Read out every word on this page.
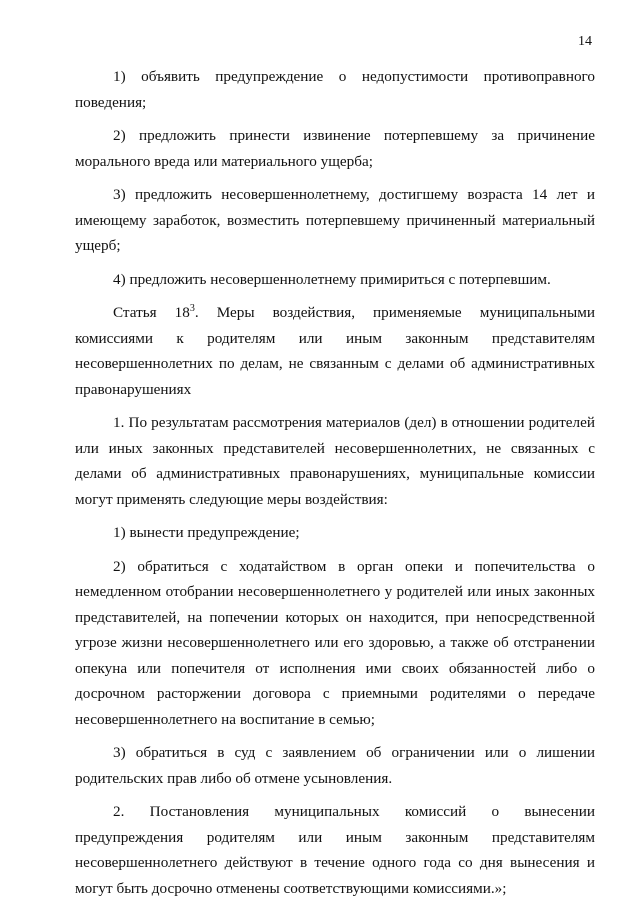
14

1) объявить предупреждение о недопустимости противоправного поведения;

2) предложить принести извинение потерпевшему за причинение морального вреда или материального ущерба;

3) предложить несовершеннолетнему, достигшему возраста 14 лет и имеющему заработок, возместить потерпевшему причиненный материальный ущерб;

4) предложить несовершеннолетнему примириться с потерпевшим.

Статья $18^3$. Меры воздействия, применяемые муниципальными комиссиями к родителям или иным законным представителям несовершеннолетних по делам, не связанным с делами об административных правонарушениях

1. По результатам рассмотрения материалов (дел) в отношении родителей или иных законных представителей несовершеннолетних, не связанных с делами об административных правонарушениях, муниципальные комиссии могут применять следующие меры воздействия:

1) вынести предупреждение;

2) обратиться с ходатайством в орган опеки и попечительства о немедленном отобрании несовершеннолетнего у родителей или иных законных представителей, на попечении которых он находится, при непосредственной угрозе жизни несовершеннолетнего или его здоровью, а также об отстранении опекуна или попечителя от исполнения ими своих обязанностей либо о досрочном расторжении договора с приемными родителями о передаче несовершеннолетнего на воспитание в семью;

3) обратиться в суд с заявлением об ограничении или о лишении родительских прав либо об отмене усыновления.

2. Постановления муниципальных комиссий о вынесении предупреждения родителям или иным законным представителям несовершеннолетнего действуют в течение одного года со дня вынесения и могут быть досрочно отменены соответствующими комиссиями.»;
